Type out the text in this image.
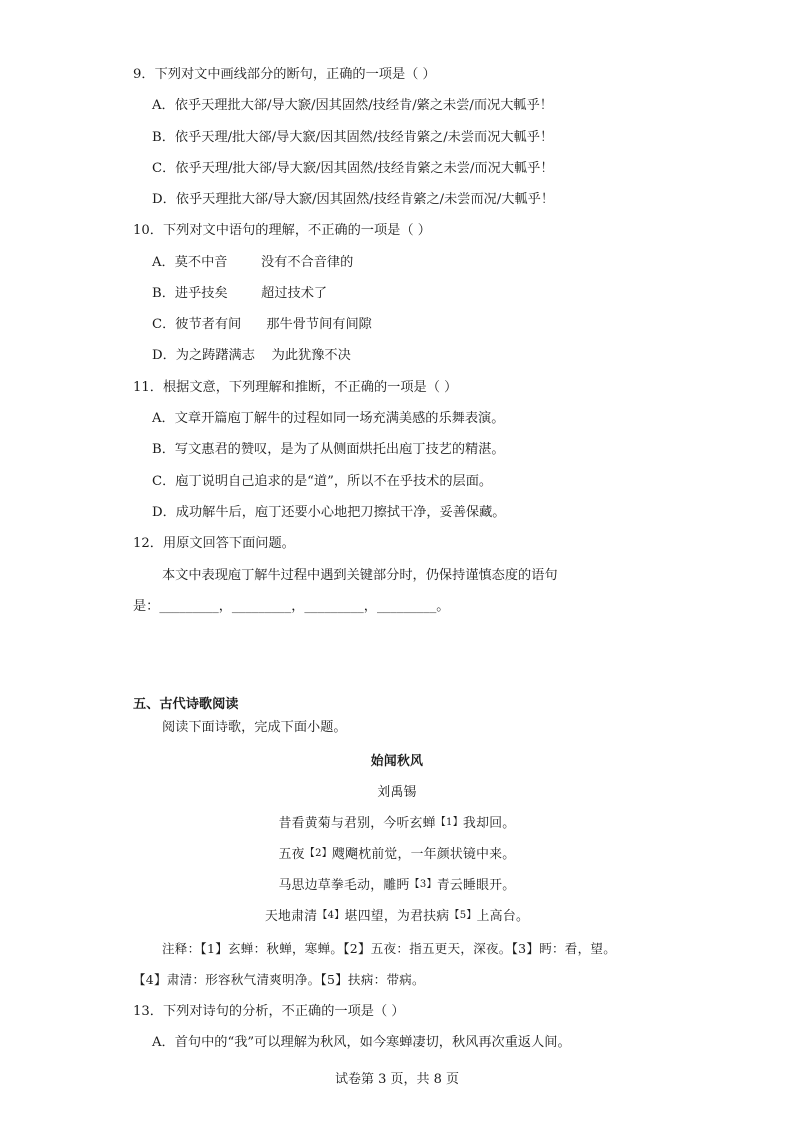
9．下列对文中画线部分的断句，正确的一项是（ ）
A．依乎天理批大郤/导大窾/因其固然/技经肯/綮之未尝/而况大軱乎！
B．依乎天理/批大郤/导大窾/因其固然/技经肯綮之/未尝而况大軱乎！
C．依乎天理/批大郤/导大窾/因其固然/技经肯綮之未尝/而况大軱乎！
D．依乎天理批大郤/导大窾/因其固然/技经肯綮之/未尝而况/大軱乎！
10．下列对文中语句的理解，不正确的一项是（ ）
A．莫不中音        没有不合音律的
B．进乎技矣        超过技术了
C．彼节者有间      那牛骨节间有间隙
D．为之踌躇满志    为此犹豫不决
11．根据文意，下列理解和推断，不正确的一项是（ ）
A．文章开篇庖丁解牛的过程如同一场充满美感的乐舞表演。
B．写文惠君的赞叹，是为了从侧面烘托出庖丁技艺的精湛。
C．庖丁说明自己追求的是“道”，所以不在乎技术的层面。
D．成功解牛后，庖丁还要小心地把刀擦拭干净，妥善保藏。
12．用原文回答下面问题。
本文中表现庖丁解牛过程中遇到关键部分时，仍保持谨慎态度的语句
是：_________，_________，_________，_________。
五、古代诗歌阅读
阅读下面诗歌，完成下面小题。
始闻秋风
刘禹锡
昔看黄菊与君别，今听玄蝉$^{【1】}$我却回。
五夜$^{【2】}$飕飗枕前觉，一年颜状镜中来。
马思边草拳毛动，雕眄$^{【3】}$青云睡眼开。
天地肃清$^{【4】}$堪四望，为君扶病$^{【5】}$上高台。
注释：【1】玄蝉：秋蝉，寒蝉。【2】五夜：指五更天，深夜。【3】眄：看，望。
【4】肃清：形容秋气清爽明净。【5】扶病：带病。
13．下列对诗句的分析，不正确的一项是（ ）
A．首句中的“我”可以理解为秋风，如今寒蝉凄切，秋风再次重返人间。
试卷第 3 页，共 8 页
